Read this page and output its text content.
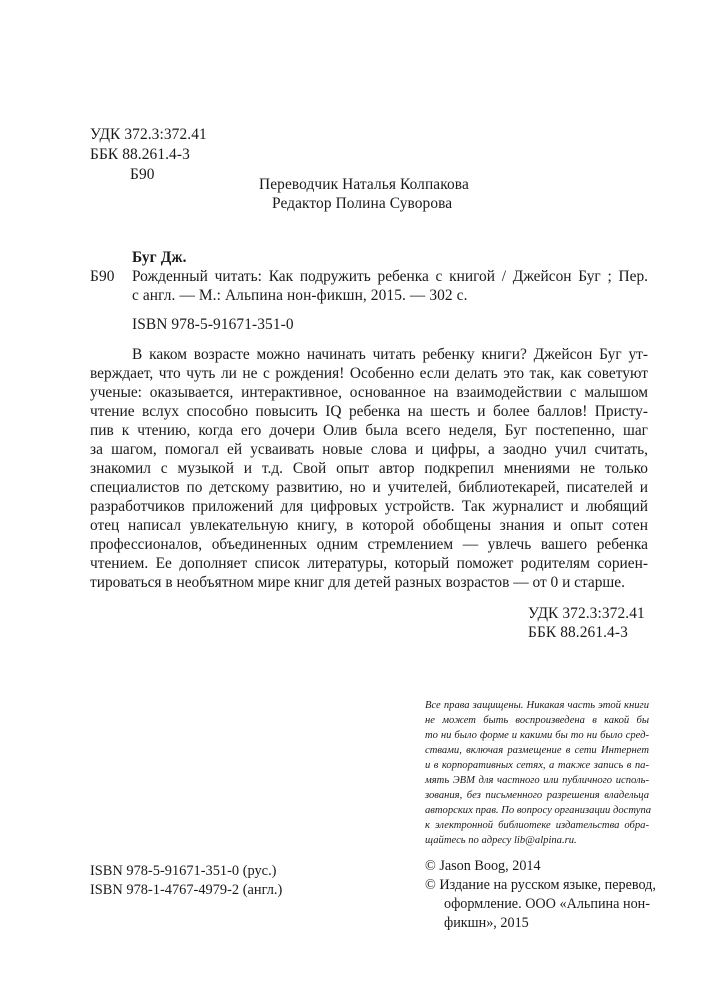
УДК 372.3:372.41
ББК 88.261.4-3
Б90
Переводчик Наталья Колпакова
Редактор Полина Суворова
Буг Дж.
Б90 Рожденный читать: Как подружить ребенка с книгой / Джейсон Буг ; Пер.
с англ. — М.: Альпина нон-фикшн, 2015. — 302 с.
ISBN 978-5-91671-351-0
В каком возрасте можно начинать читать ребенку книги? Джейсон Буг ут-
верждает, что чуть ли не с рождения! Особенно если делать это так, как советуют
ученые: оказывается, интерактивное, основанное на взаимодействии с малышом
чтение вслух способно повысить IQ ребенка на шесть и более баллов! Присту-
пив к чтению, когда его дочери Олив была всего неделя, Буг постепенно, шаг
за шагом, помогал ей усваивать новые слова и цифры, а заодно учил считать,
знакомил с музыкой и т.д. Свой опыт автор подкрепил мнениями не только
специалистов по детскому развитию, но и учителей, библиотекарей, писателей и
разработчиков приложений для цифровых устройств. Так журналист и любящий
отец написал увлекательную книгу, в которой обобщены знания и опыт сотен
профессионалов, объединенных одним стремлением — увлечь вашего ребенка
чтением. Ее дополняет список литературы, который поможет родителям сориен-
тироваться в необъятном мире книг для детей разных возрастов — от 0 и старше.
УДК 372.3:372.41
ББК 88.261.4-3
Все права защищены. Никакая часть этой книги
не может быть воспроизведена в какой бы
то ни было форме и какими бы то ни было сред-
ствами, включая размещение в сети Интернет
и в корпоративных сетях, а также запись в па-
мять ЭВМ для частного или публичного исполь-
зования, без письменного разрешения владельца
авторских прав. По вопросу организации доступа
к электронной библиотеке издательства обра-
щайтесь по адресу lib@alpina.ru.
© Jason Boog, 2014
© Издание на русском языке, перевод,
оформление. ООО «Альпина нон-
фикшн», 2015
ISBN 978-5-91671-351-0 (рус.)
ISBN 978-1-4767-4979-2 (англ.)
